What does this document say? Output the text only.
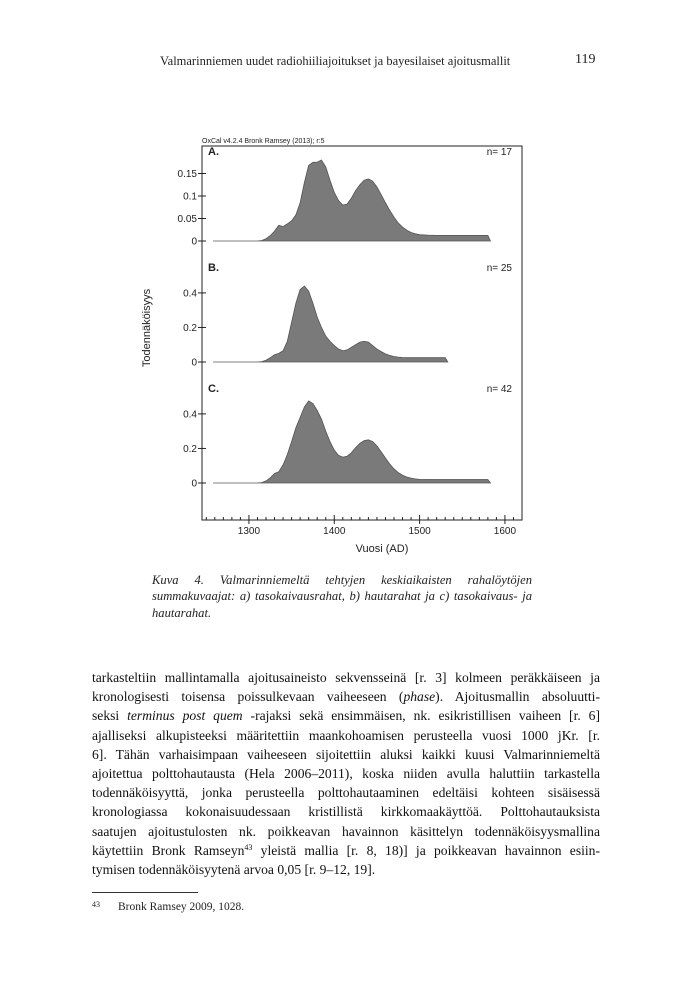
Valmarinniemen uudet radiohiiliajoitukset ja bayesilaiset ajoitusmallit	119
OxCal v4.2.4 Bronk Ramsey (2013); r:5
0
0.05
0.1
0.15
A.	n= 17
0
0.2
0.4
B.	n= 25
0
0.2
0.4
C.	n= 42
1300	1400	1500	1600
Vuosi (AD)
Todennäköisyys
Kuva 4. Valmarinniemeltä tehtyjen keskiaikaisten rahalöytöjen summakuvaajat: a) tasokaivausrahat, b) hautarahat ja c) tasokaivaus- ja hautarahat.
tarkasteltiin mallintamalla ajoitusaineisto sekvensseinä [r. 3] kolmeen peräkkäiseen ja
kronologisesti toisensa poissulkevaan vaiheeseen (phase). Ajoitusmallin absoluutti-
seksi terminus post quem -rajaksi sekä ensimmäisen, nk. esikristillisen vaiheen [r. 6]
ajalliseksi alkupisteeksi määritettiin maankohoamisen perusteella vuosi 1000 jKr. [r.
6]. Tähän varhaisimpaan vaiheeseen sijoitettiin aluksi kaikki kuusi Valmarinniemeltä
ajoitettua polttohautausta (Hela 2006–2011), koska niiden avulla haluttiin tarkastella
todennäköisyyttä, jonka perusteella polttohautaaminen edeltäisi kohteen sisäisessä
kronologiassa kokonaisuudessaan kristillistä kirkkomaakäyttöä. Polttohautauksista
saatujen ajoitustulosten nk. poikkeavan havainnon käsittelyn todennäköisyysmallina
käytettiin Bronk Ramseyn$^{43}$ yleistä mallia [r. 8, 18)] ja poikkeavan havainnon esiin-
tymisen todennäköisyytenä arvoa 0,05 [r. 9–12, 19].
43 Bronk Ramsey 2009, 1028.
